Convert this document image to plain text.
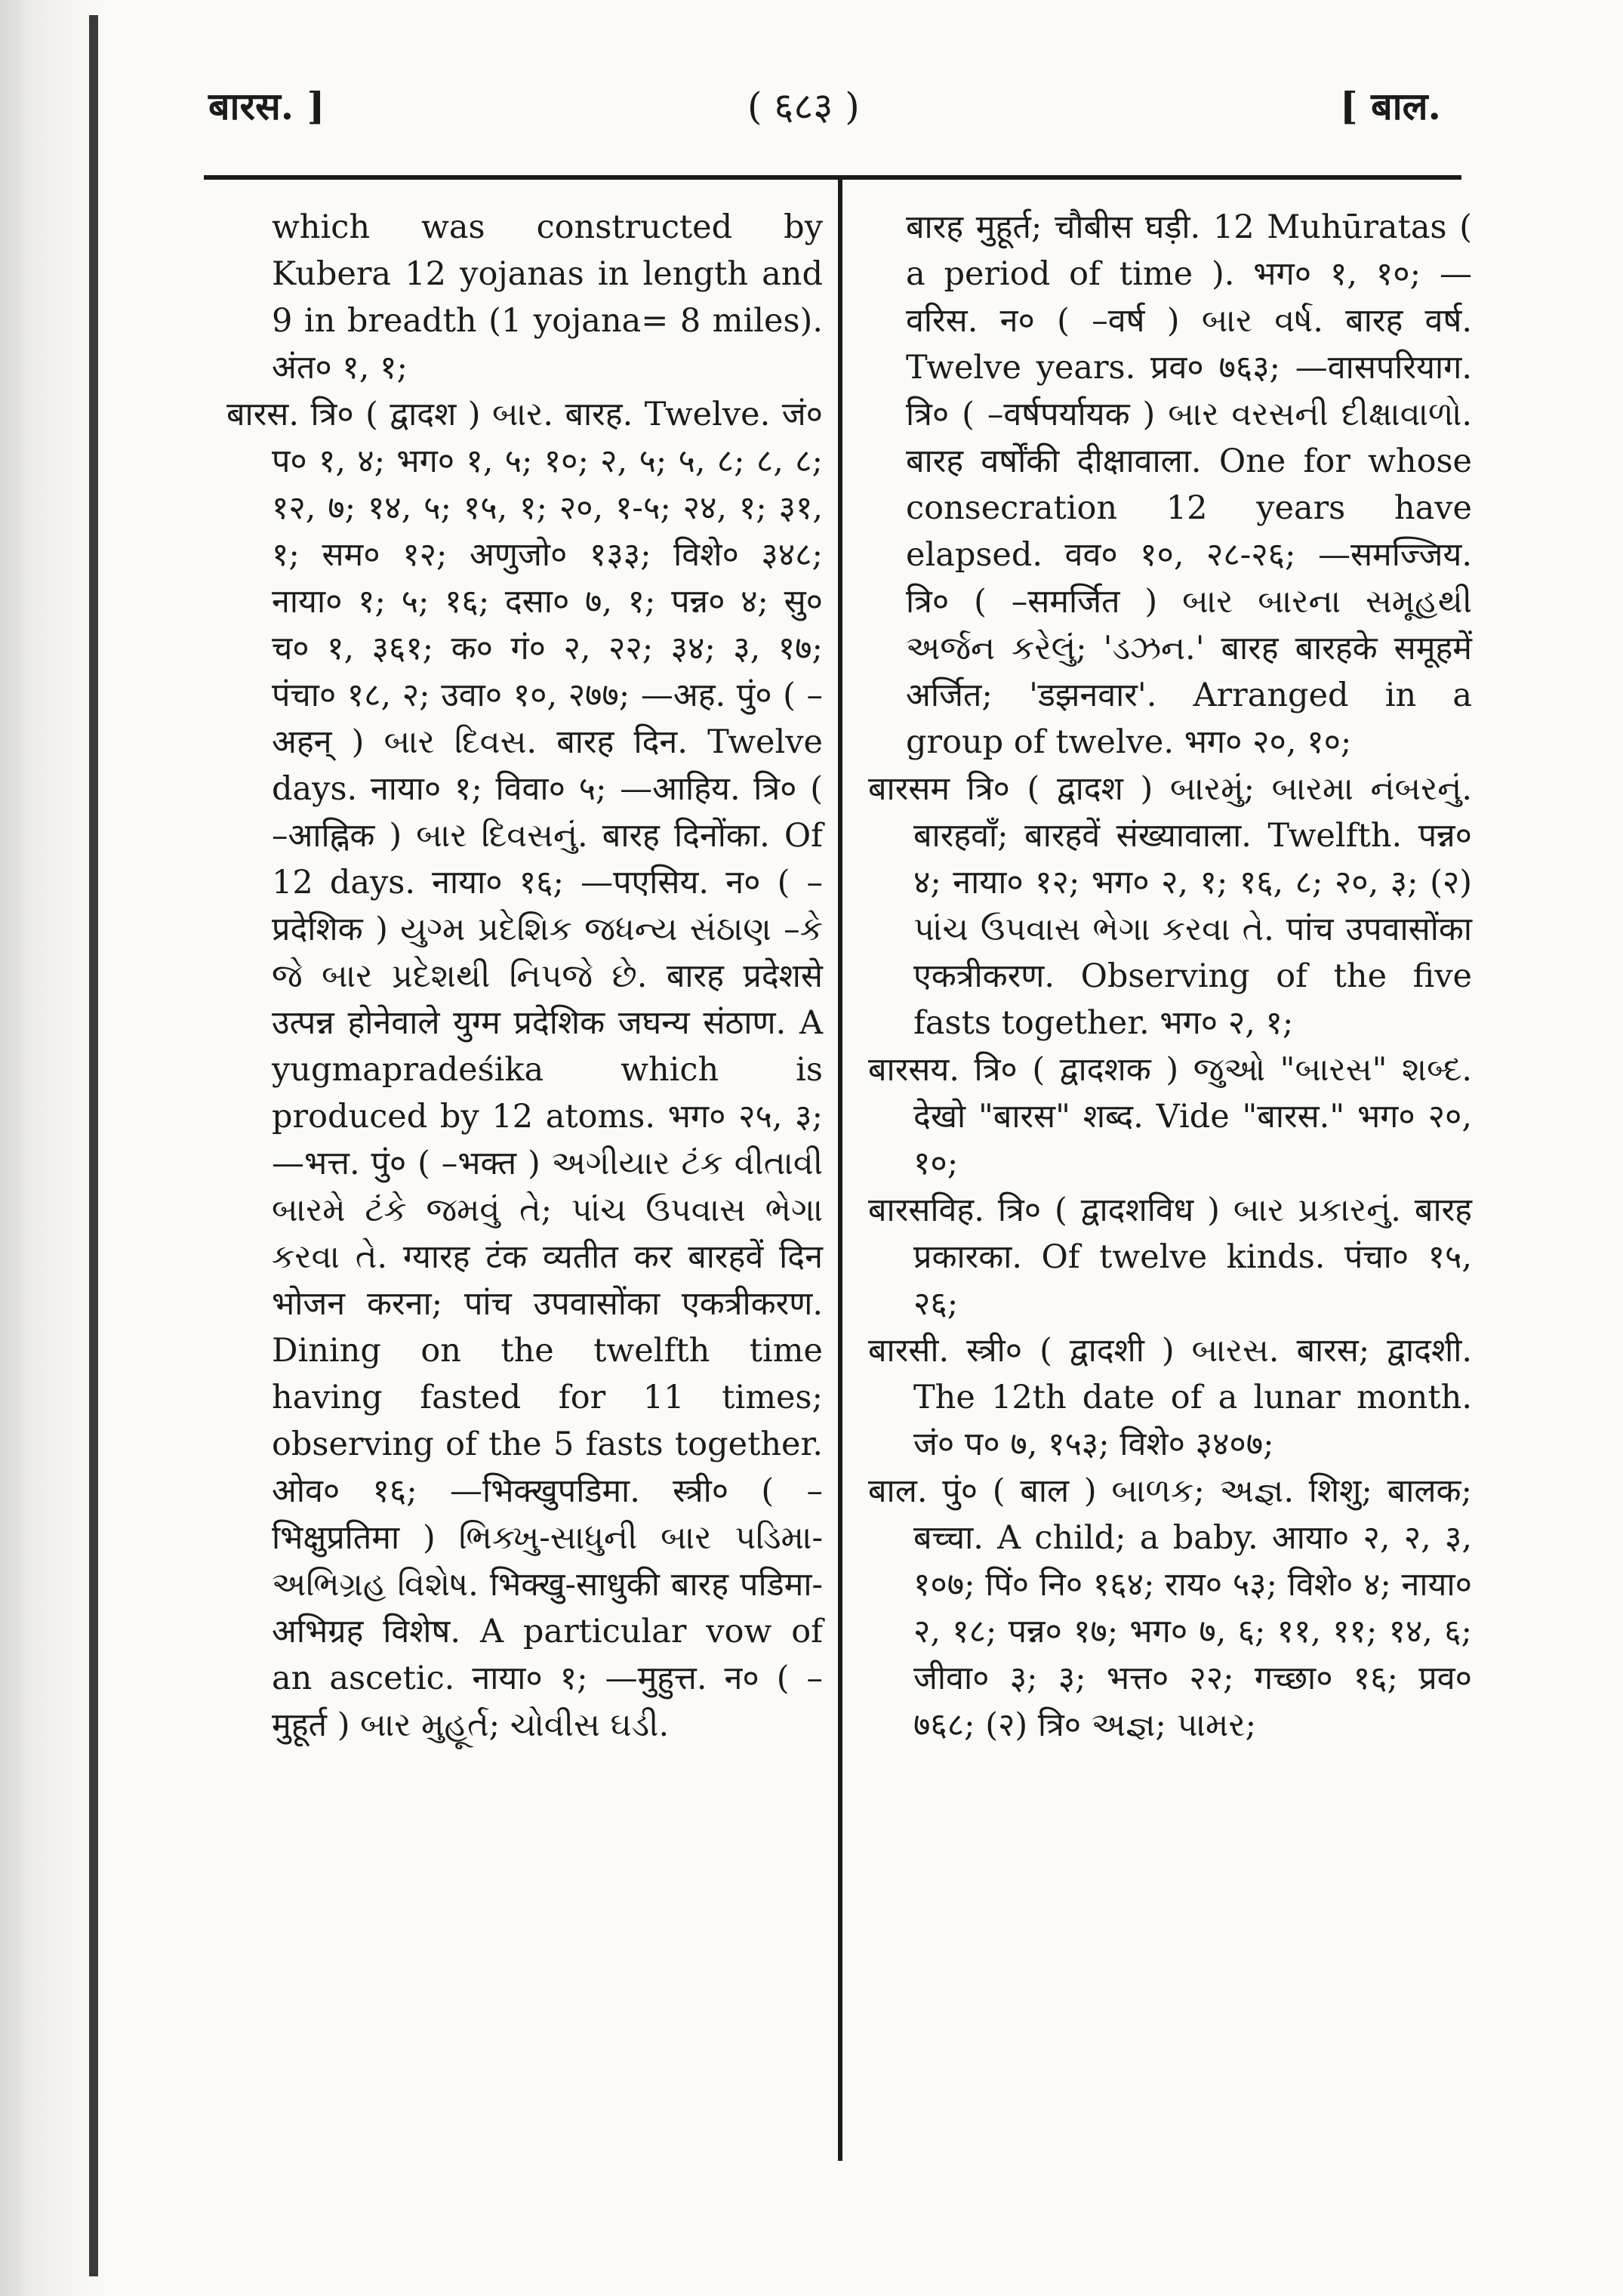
बारस. ]	( ६८३ )	[ बाल.

which was constructed by Kubera 12 yojanas in length and 9 in breadth (1 yojana= 8 miles). अंत० १, १;

बारस. त्रि० ( द्वादश ) બાર. बारह. Twelve. जं० प० १, ४; भग० १, ५; १०; २, ५; ५, ८; ८, ८; १२, ७; १४, ५; १५, १; २०, १-५; २४, १; ३१, १; सम० १२; अणुजो० १३३; विशे० ३४८; नाया० १; ५; १६; दसा० ७, १; पन्न० ४; सु० च० १, ३६१; क० गं० २, २२; ३४; ३, १७; पंचा० १८, २; उवा० १०, २७७; —अह. पुं० ( –अहन् ) બાર દિવસ. बारह दिन. Twelve days. नाया० १; विवा० ५; —आहिय. त्रि० ( –आह्निक ) બાર દિવસનું. बारह दिनोंका. Of 12 days. नाया० १६; —पएसिय. न० ( –प्रदेशिक ) યુગ્મ પ્રદેશિક જધન્ય સંઠાણ –કે જે બાર પ્રદેશથી નિપજે છે. बारह प्रदेशसे उत्पन्न होनेवाले युग्म प्रदेशिक जघन्य संठाण. A yugmapradeśika which is produced by 12 atoms. भग० २५, ३; —भत्त. पुं० ( –भक्त ) અગીયાર ટંક વીતાવી બારમે ટંકે જમવું તે; પાંચ ઉપવાસ ભેગા કરવા તે. ग्यारह टंक व्यतीत कर बारहवें दिन भोजन करना; पांच उपवासोंका एकत्रीकरण. Dining on the twelfth time having fasted for 11 times; observing of the 5 fasts together. ओव० १६; —भिक्खुपडिमा. स्त्री० ( –भिक्षुप्रतिमा ) ભિક્ખુ-સાધુની બાર પડિમા-અભિગ્રહ વિશેષ. भिक्खु-साधुकी बारह पडिमा-अभिग्रह विशेष. A particular vow of an ascetic. नाया० १; —मुहुत्त. न० ( –मुहूर्त ) બાર મુહૂર્ત; ચોવીસ ઘડી.

बारह मुहूर्त; चौबीस घड़ी. 12 Muhūratas ( a period of time ). भग० १, १०; —वरिस. न० ( –वर्ष ) બાર વર્ષ. बारह वर्ष. Twelve years. प्रव० ७६३; —वासपरियाग. त्रि० ( –वर्षपर्यायक ) બાર વરસની દીક્ષાવાળો. बारह वर्षोंकी दीक्षावाला. One for whose consecration 12 years have elapsed. वव० १०, २८-२६; —समज्जिय. त्रि० ( –समर्जित ) બાર બારના સમૂહથી અર્જન કરેલું; 'ડઝન.' बारह बारहके समूहमें अर्जित; 'डझनवार'. Arranged in a group of twelve. भग० २०, १०;

बारसम त्रि० ( द्वादश ) બારમું; બારમા નંબરનું. बारहवाँ; बारहवें संख्यावाला. Twelfth. पन्न० ४; नाया० १२; भग० २, १; १६, ८; २०, ३; (२) પાંચ ઉપવાસ ભેગા કરવા તે. पांच उपवासोंका एकत्रीकरण. Observing of the five fasts together. भग० २, १;

बारसय. त्रि० ( द्वादशक ) જુઓ "બારસ" શબ્દ. देखो "बारस" शब्द. Vide "बारस." भग० २०, १०;

बारसविह. त्रि० ( द्वादशविध ) બાર પ્રકારનું. बारह प्रकारका. Of twelve kinds. पंचा० १५, २६;

बारसी. स्त्री० ( द्वादशी ) બારસ. बारस; द्वादशी. The 12th date of a lunar month. जं० प० ७, १५३; विशे० ३४०७;

बाल. पुं० ( बाल ) બાળક; અજ્ઞ. शिशु; बालक; बच्चा. A child; a baby. आया० २, २, ३, १०७; पिं० नि० १६४; राय० ५३; विशे० ४; नाया० २, १८; पन्न० १७; भग० ७, ६; ११, ११; १४, ६; जीवा० ३; ३; भत्त० २२; गच्छा० १६; प्रव० ७६८; (२) त्रि० અજ્ઞ; પામર;
